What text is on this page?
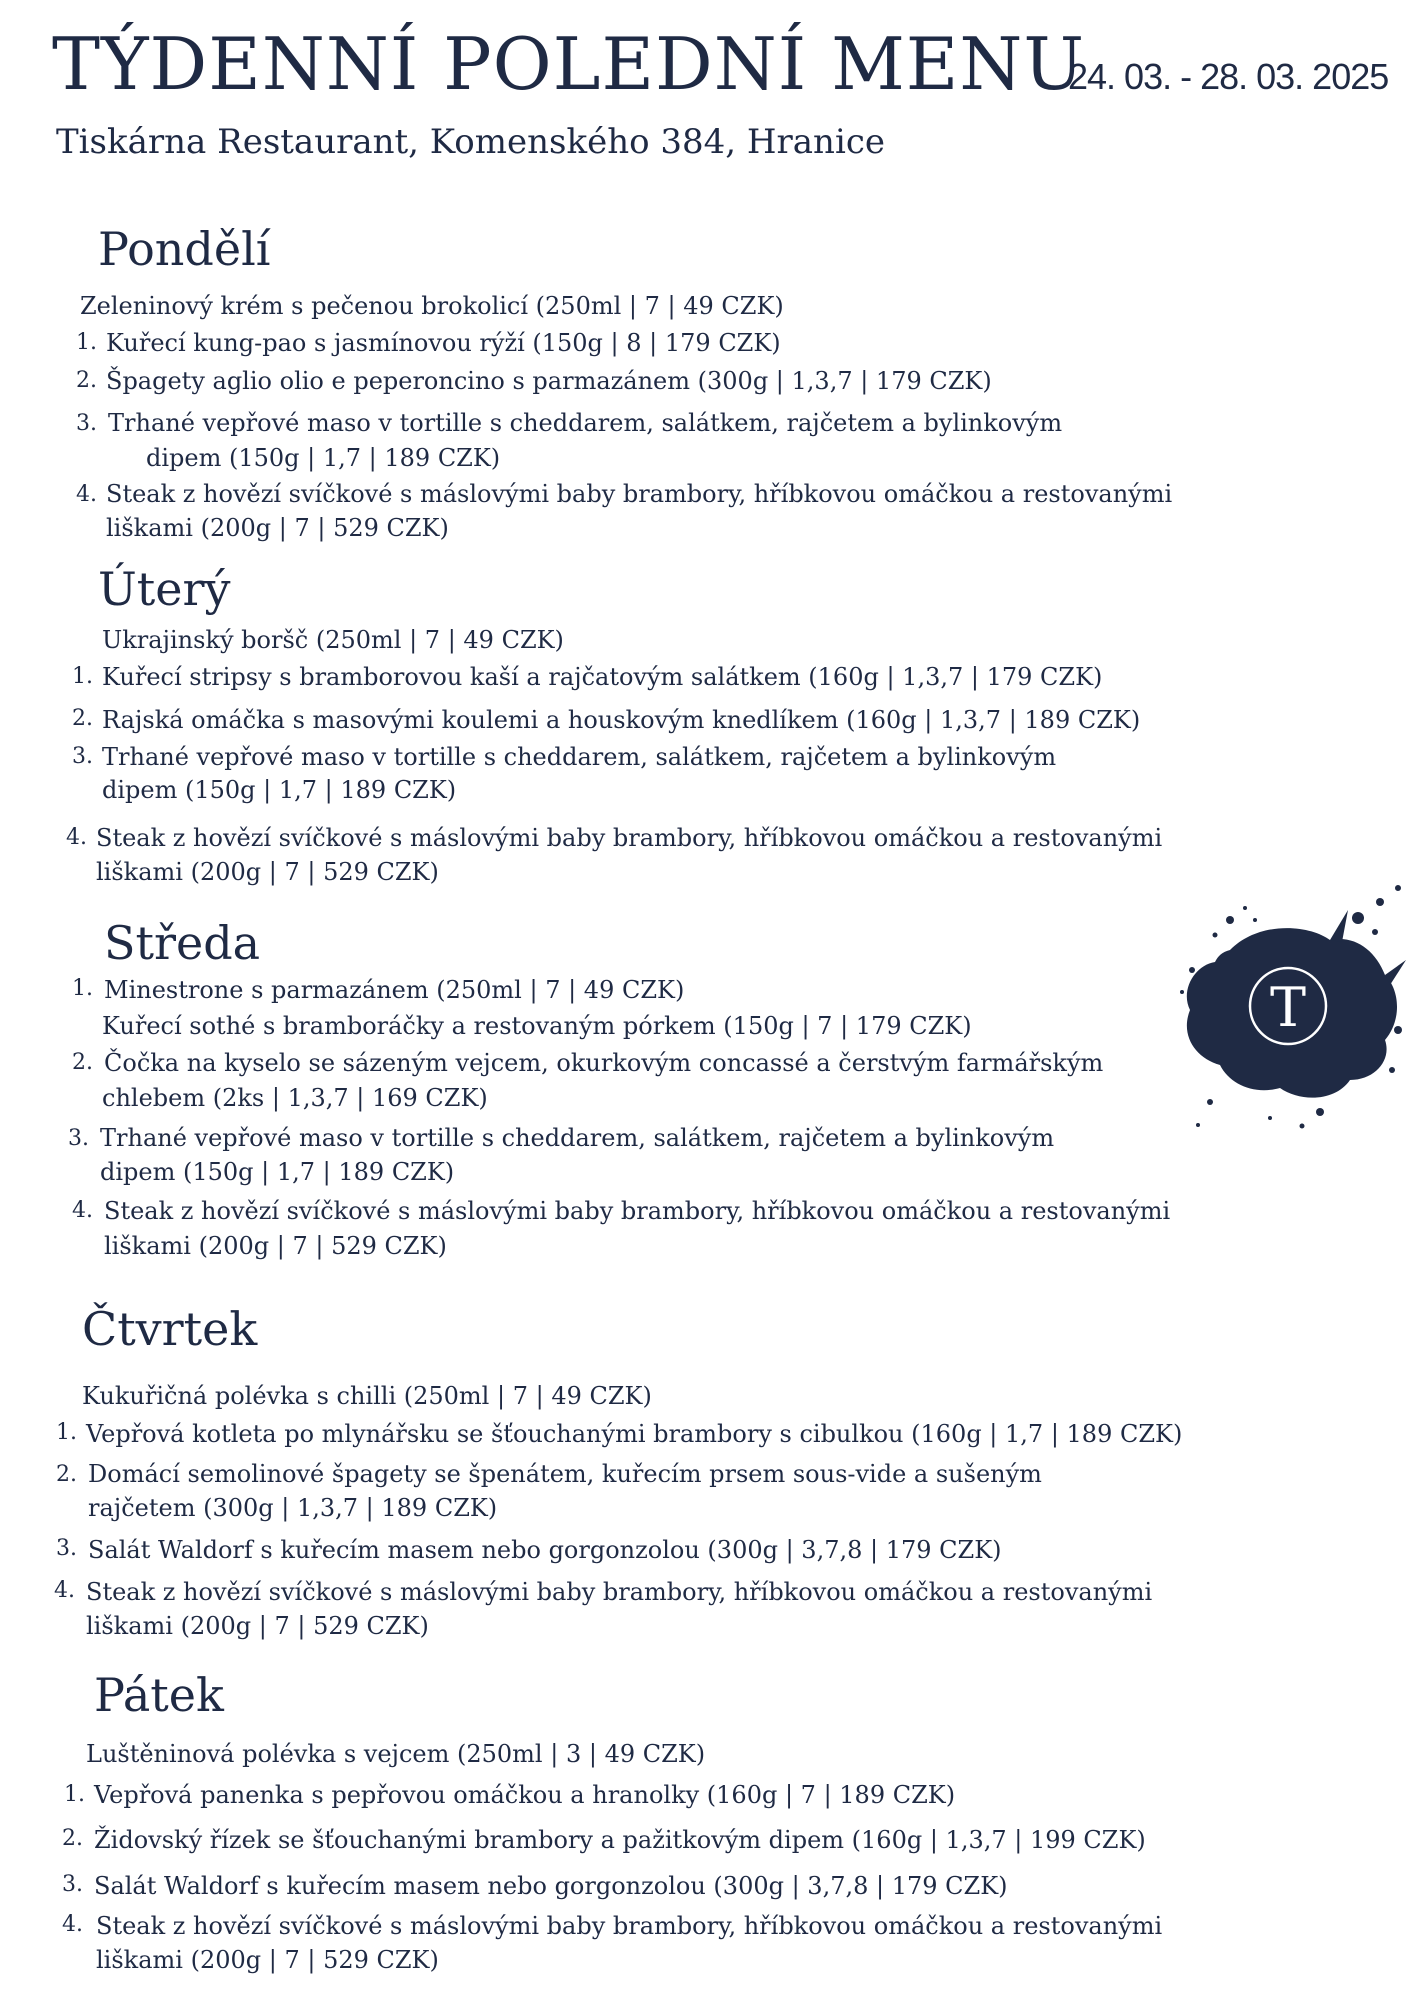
TÝDENNÍ POLEDNÍ MENU
24. 03. - 28. 03. 2025
Tiskárna Restaurant, Komenského 384, Hranice
Pondělí
Zeleninový krém s pečenou brokolicí (250ml | 7 | 49 CZK)
1. Kuřecí kung-pao s jasmínovou rýží (150g | 8 | 179 CZK)
2. Špagety aglio olio e peperoncino s parmazánem (300g | 1,3,7 | 179 CZK)
3. Trhané vepřové maso v tortille s cheddarem, salátkem, rajčetem a bylinkovým
dipem (150g | 1,7 | 189 CZK)
4. Steak z hovězí svíčkové s máslovými baby brambory, hříbkovou omáčkou a restovanými
liškami (200g | 7 | 529 CZK)
Úterý
Ukrajinský boršč (250ml | 7 | 49 CZK)
1. Kuřecí stripsy s bramborovou kaší a rajčatovým salátkem (160g | 1,3,7 | 179 CZK)
2. Rajská omáčka s masovými koulemi a houskovým knedlíkem (160g | 1,3,7 | 189 CZK)
3. Trhané vepřové maso v tortille s cheddarem, salátkem, rajčetem a bylinkovým
dipem (150g | 1,7 | 189 CZK)
4. Steak z hovězí svíčkové s máslovými baby brambory, hříbkovou omáčkou a restovanými
liškami (200g | 7 | 529 CZK)
Středa
1. Minestrone s parmazánem (250ml | 7 | 49 CZK)
Kuřecí sothé s bramboráčky a restovaným pórkem (150g | 7 | 179 CZK)
2. Čočka na kyselo se sázeným vejcem, okurkovým concassé a čerstvým farmářským
chlebem (2ks | 1,3,7 | 169 CZK)
3. Trhané vepřové maso v tortille s cheddarem, salátkem, rajčetem a bylinkovým
dipem (150g | 1,7 | 189 CZK)
4. Steak z hovězí svíčkové s máslovými baby brambory, hříbkovou omáčkou a restovanými
liškami (200g | 7 | 529 CZK)
Čtvrtek
Kukuřičná polévka s chilli (250ml | 7 | 49 CZK)
1. Vepřová kotleta po mlynářsku se šťouchanými brambory s cibulkou (160g | 1,7 | 189 CZK)
2. Domácí semolinové špagety se špenátem, kuřecím prsem sous-vide a sušeným
rajčetem (300g | 1,3,7 | 189 CZK)
3. Salát Waldorf s kuřecím masem nebo gorgonzolou (300g | 3,7,8 | 179 CZK)
4. Steak z hovězí svíčkové s máslovými baby brambory, hříbkovou omáčkou a restovanými
liškami (200g | 7 | 529 CZK)
Pátek
Luštěninová polévka s vejcem (250ml | 3 | 49 CZK)
1. Vepřová panenka s pepřovou omáčkou a hranolky (160g | 7 | 189 CZK)
2. Židovský řízek se šťouchanými brambory a pažitkovým dipem (160g | 1,3,7 | 199 CZK)
3. Salát Waldorf s kuřecím masem nebo gorgonzolou (300g | 3,7,8 | 179 CZK)
4. Steak z hovězí svíčkové s máslovými baby brambory, hříbkovou omáčkou a restovanými
liškami (200g | 7 | 529 CZK)
T
